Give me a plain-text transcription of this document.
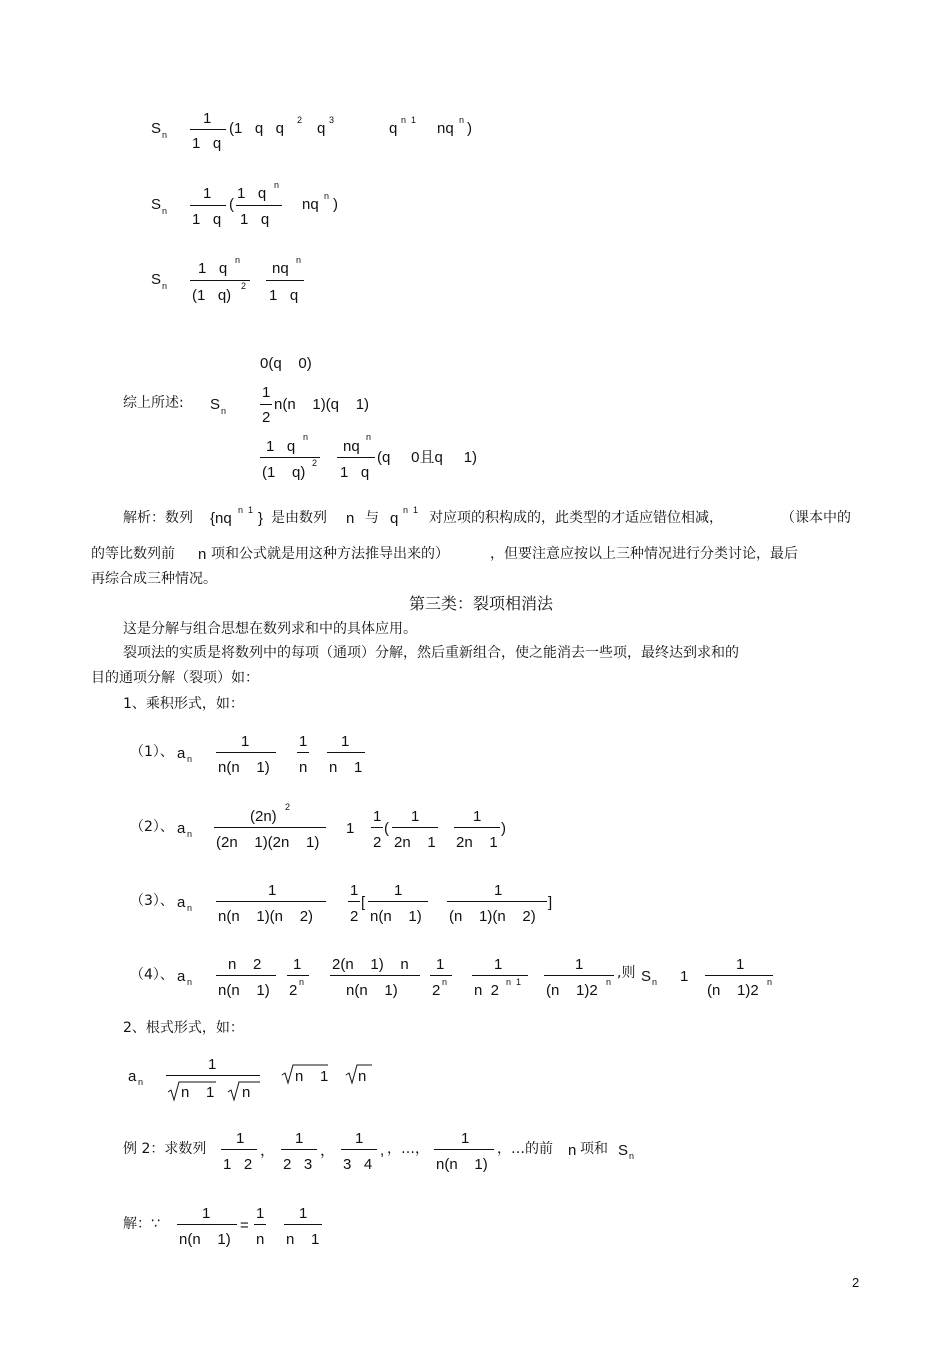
S n
1
1   q
(1   q   q 2 q 3	q n  1 nq n )
S n
1
1   q
(
1   q n
1   q
nq n )
S n
1   q n
(1   q)
2
nq n
1   q
综上所述: S n
0(q    0)
1
2
n(n    1)(q    1)
1   q
n
(1    q)
2
nq
n
1   q
(q     0且q     1)
解析：数列 {nq n  1 } 是由数列 n 与 q n  1 对应项的积构成的，此类型的才适应错位相减，	（课本中的
的等比数列前 n 项和公式就是用这种方法推导出来的）	，但要注意应按以上三种情况进行分类讨论，最后
再综合成三种情况。
第三类：裂项相消法
这是分解与组合思想在数列求和中的具体应用。
裂项法的实质是将数列中的每项（通项）分解，然后重新组合，使之能消去一些项，最终达到求和的
目的通项分解（裂项）如：
1、乘积形式，如：
（1）、 a n
1
n(n    1)
1
n
1
n    1
（2）、 a n
(2n)
2
(2n    1)(2n    1)
1
1
2
(
1
2n    1
1
2n    1
)
（3）、 a n
1
n(n    1)(n    2)
1
2
[
1
n(n    1)
1
(n    1)(n    2)
]
（4）、 a n
n    2
n(n    1)
1
2 n
2(n    1)    n
n(n    1)
1
2 n
1
n  2 n  1
1
(n    1)2 n
,则 S n 1
1
(n    1)2 n
2、根式形式，如：
a n
1
n    1 n
n    1 n
例 2：求数列
1
1   2
，
1
2   3
，
1
3   4
, ，…，
1
n(n    1)
，…的前 n 项和 S n
解：∵
1
n(n    1)
=
1
n
1
n    1
2
